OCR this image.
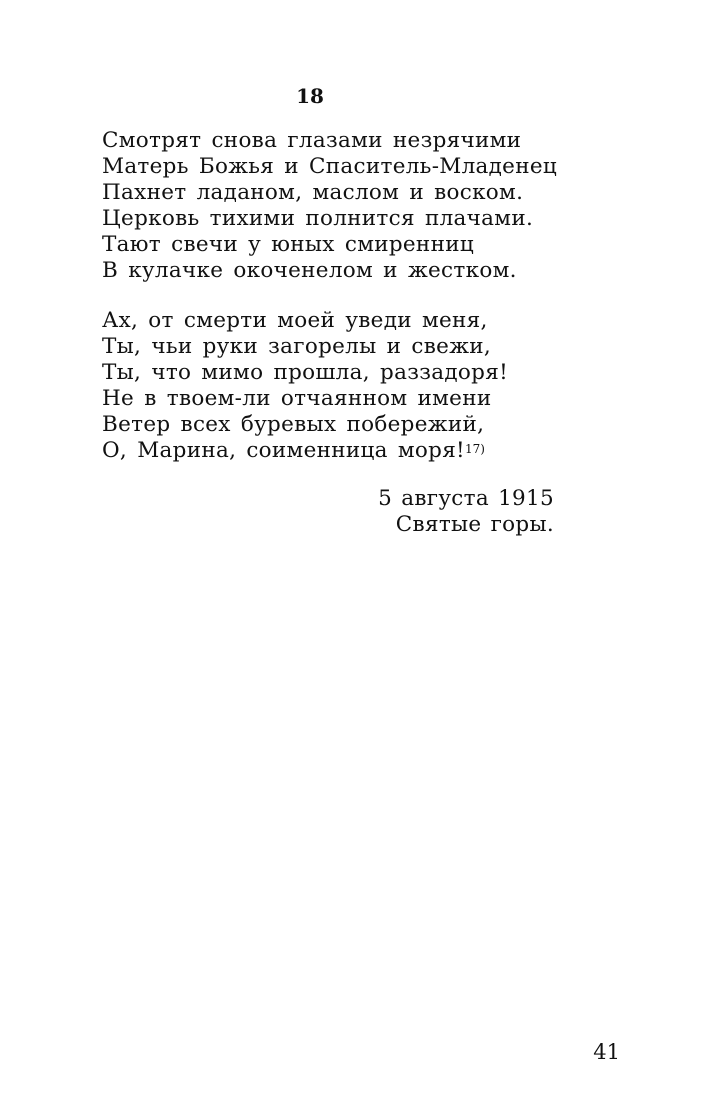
18
Смотрят снова глазами незрячими
Матерь Божья и Спаситель-Младенец
Пахнет ладаном, маслом и воском.
Церковь тихими полнится плачами.
Тают свечи у юных смиренниц
В кулачке окоченелом и жестком.
Ах, от смерти моей уведи меня,
Ты, чьи руки загорелы и свежи,
Ты, что мимо прошла, раззадоря!
Не в твоем-ли отчаянном имени
Ветер всех буревых побережий,
О, Марина, соименница моря!$^{17)}$
5 августа 1915
Святые горы.
41
